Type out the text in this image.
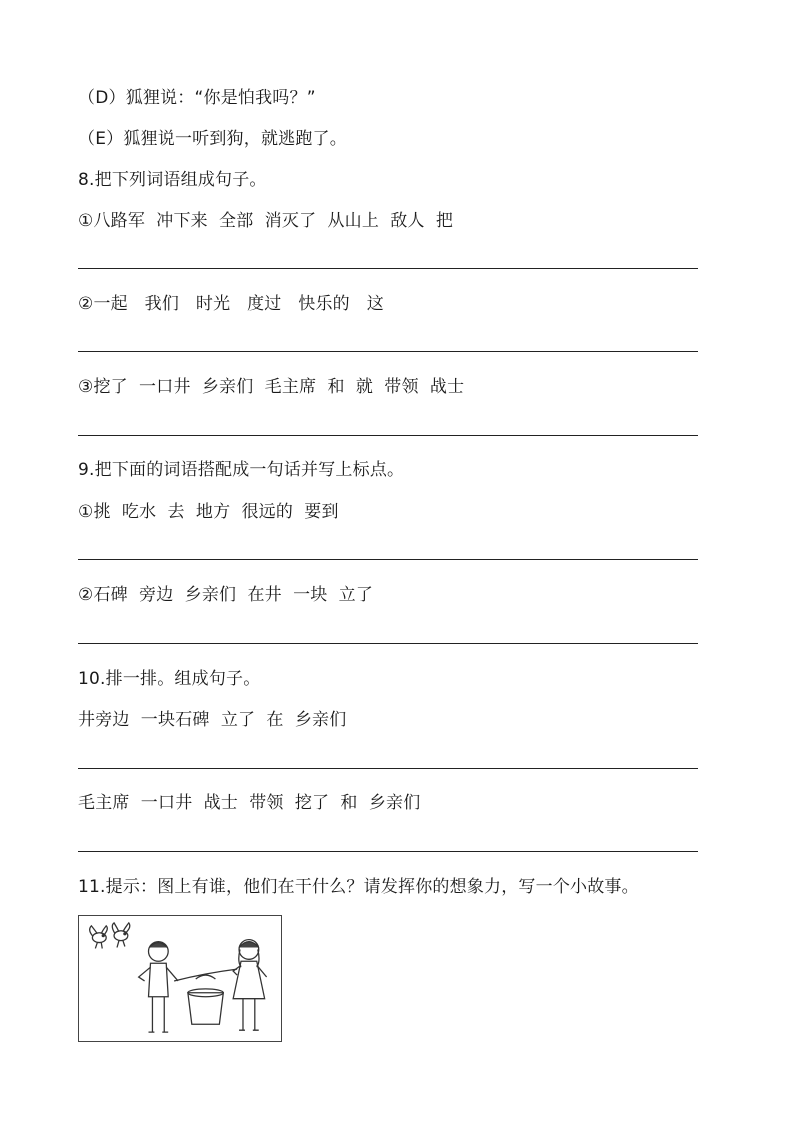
（D）狐狸说：“你是怕我吗？”
（E）狐狸说一听到狗，就逃跑了。
8.把下列词语组成句子。
①八路军  冲下来  全部  消灭了  从山上  敌人  把
②一起   我们   时光   度过   快乐的   这
③挖了  一口井  乡亲们  毛主席  和  就  带领  战士
9.把下面的词语搭配成一句话并写上标点。
①挑  吃水  去  地方  很远的  要到
②石碑  旁边  乡亲们  在井  一块  立了
10.排一排。组成句子。
井旁边  一块石碑  立了  在  乡亲们
毛主席  一口井  战士  带领  挖了  和  乡亲们
11.提示：图上有谁，他们在干什么？请发挥你的想象力，写一个小故事。
